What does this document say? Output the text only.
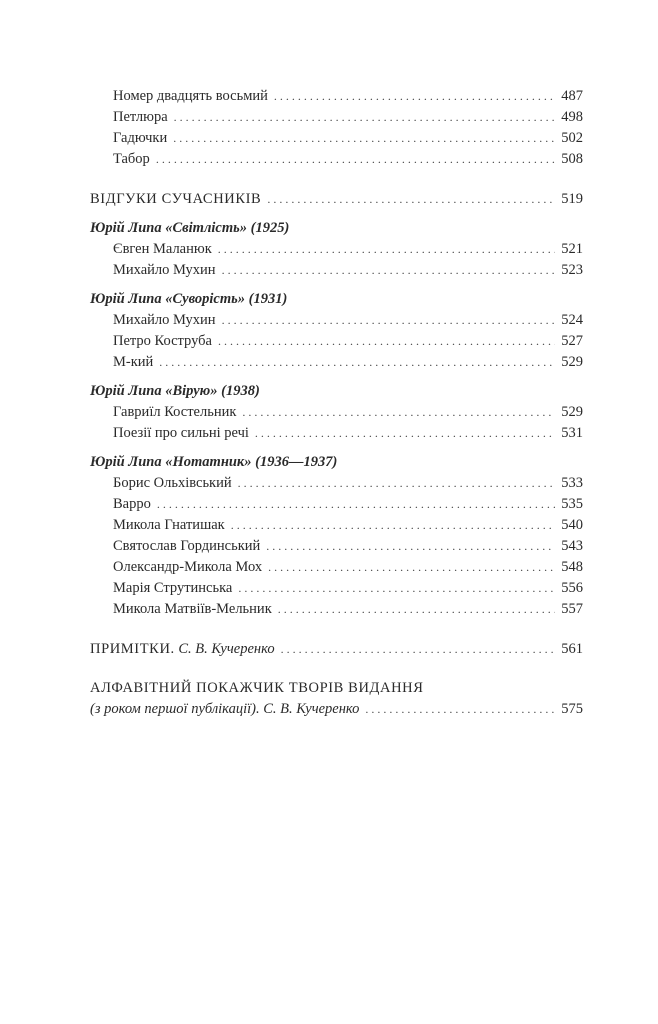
Номер двадцять восьмий . . .	487
Петлюра . . .	498
Гадючки . . .	502
Табор . . .	508
ВІДГУКИ СУЧАСНИКІВ . . .	519
Юрій Липа «Світлість» (1925)
Євген Маланюк . . .	521
Михайло Мухин . . .	523
Юрій Липа «Суворість» (1931)
Михайло Мухин . . .	524
Петро Коструба . . .	527
М-кий . . .	529
Юрій Липа «Вірую» (1938)
Гавриїл Костельник . . .	529
Поезії про сильні речі . . .	531
Юрій Липа «Нотатник» (1936—1937)
Борис Ольхівський . . .	533
Варро . . .	535
Микола Гнатишак . . .	540
Святослав Гординський . . .	543
Олександр-Микола Мох . . .	548
Марія Струтинська . . .	556
Микола Матвіїв-Мельник . . .	557
ПРИМІТКИ. С. В. Кучеренко . . .	561
АЛФАВІТНИЙ ПОКАЖЧИК ТВОРІВ ВИДАННЯ
(з роком першої публікації). С. В. Кучеренко . . .	575
